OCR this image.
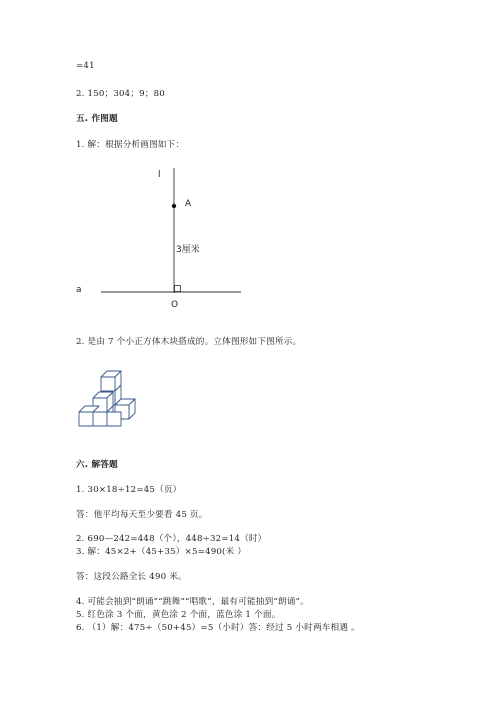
=41
2. 150；304；9；80
五. 作图题
1. 解：根据分析画图如下：
l
A
3厘米
a
O
2. 是由 7 个小正方体木块搭成的。立体图形如下图所示。
六. 解答题
1. 30×18÷12=45（页）
答：他平均每天至少要看 45 页。
2. 690—242=448（个），448÷32=14（时）
3. 解：45×2+（45+35）×5=490(米 ）
答：这段公路全长 490 米。
4. 可能会抽到“朗诵”“跳舞”“唱歌”，最有可能抽到“朗诵”。
5. 红色涂 3 个面，黄色涂 2 个面，蓝色涂 1 个面。
6. （1）解：475÷（50+45）=5（小时）答：经过 5 小时两车相遇 。
